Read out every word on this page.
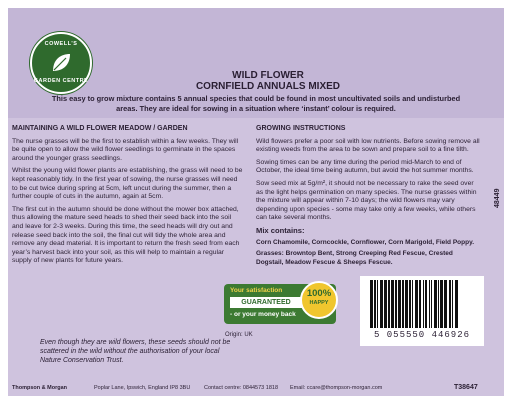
COWELL'S
GARDEN CENTRE	WILD FLOWER
CORNFIELD ANNUALS MIXED
This easy to grow mixture contains 5 annual species that could be found in most uncultivated soils and undisturbed areas. They are ideal for sowing in a situation where ‘instant’ colour is required.
MAINTAINING A WILD FLOWER MEADOW / GARDEN

The nurse grasses will be the first to establish within a few weeks. They will be quite open to allow the wild flower seedlings to germinate in the spaces around the younger grass seedlings.

Whilst the young wild flower plants are establishing, the grass will need to be kept reasonably tidy. In the first year of sowing, the nurse grasses will need to be cut twice during spring at 5cm, left uncut during the summer, then a further couple of cuts in the autumn, again at 5cm.

The first cut in the autumn should be done without the mower box attached, thus allowing the mature seed heads to shed their seed back into the soil and leave for 2-3 weeks. During this time, the seed heads will dry out and release seed back into the soil, the final cut will tidy the whole area and remove any dead material. It is important to return the fresh seed from each year’s harvest back into your soil, as this will help to maintain a regular supply of new plants for future years.

GROWING INSTRUCTIONS

Wild flowers prefer a poor soil with low nutrients. Before sowing remove all existing weeds from the area to be sown and prepare soil to a fine tilth.

Sowing times can be any time during the period mid-March to end of October, the ideal time being autumn, but avoid the hot summer months.

Sow seed mix at 5g/m², it should not be necessary to rake the seed over as the light helps germination on many species. The nurse grasses within the mixture will appear within 7-10 days; the wild flowers may vary depending upon species - some may take only a few weeks, while others can take several months.

Mix contains:
Corn Chamomile, Corncockle, Cornflower, Corn Marigold, Field Poppy.
Grasses: Browntop Bent, Strong Creeping Red Fescue, Crested Dogstail, Meadow Fescue & Sheeps Fescue.
48449
Your satisfaction
GUARANTEED
- or your money back
100%
HAPPY
Origin: UK	5 055550 446926
Even though they are wild flowers, these seeds should not be scattered in the wild without the authorisation of your local Nature Conservation Trust.
Thompson & Morgan	Poplar Lane, Ipswich, England IP8 3BU Contact centre: 0844573 1818 Email: ccare@thompson-morgan.com	T38647
